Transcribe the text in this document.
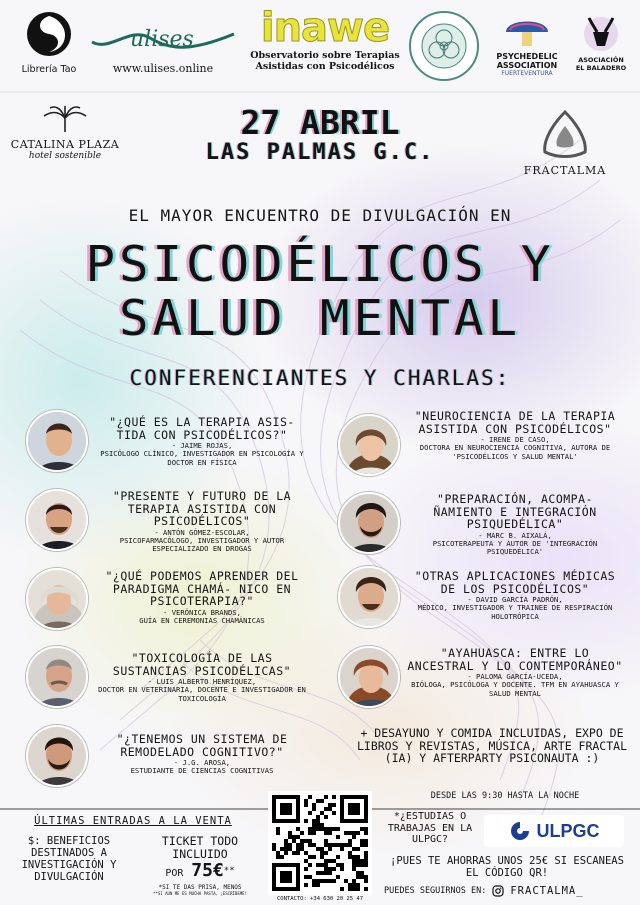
Librería Tao
ulises
www.ulises.online
inawe
Observatorio sobre Terapias
Asistidas con Psicodélicos
PSYCHEDELIC
ASSOCIATION
FUERTEVENTURA
ASOCIACIÓN
EL BALADERO
CATALINA PLAZA
hotel sostenible
FRACTALMA
27 ABRIL
LAS PALMAS G.C.
EL MAYOR ENCUENTRO DE DIVULGACIÓN EN
PSICODÉLICOS Y
SALUD MENTAL
CONFERENCIANTES Y CHARLAS:
"¿QUÉ ES LA TERAPIA ASIS- TIDA CON PSICODÉLICOS?"
- JAIME ROJAS,
PSICÓLOGO CLÍNICO, INVESTIGADOR EN PSICOLOGÍA Y DOCTOR EN FÍSICA
"PRESENTE Y FUTURO DE LA TERAPIA ASISTIDA CON PSICODÉLICOS"
- ANTÓN GÓMEZ-ESCOLAR,
PSICOFARMACÓLOGO, INVESTIGADOR Y AUTOR ESPECIALIZADO EN DROGAS
"¿QUÉ PODEMOS APRENDER DEL PARADIGMA CHAMÁ- NICO EN PSICOTERAPIA?"
- VERÓNICA BRANDS,
GUÍA EN CEREMONIAS CHAMÁNICAS
"TOXICOLOGÍA DE LAS SUSTANCIAS PSICODÉLICAS"
- LUIS ALBERTO HENRÍQUEZ,
DOCTOR EN VETERINARIA, DOCENTE E INVESTIGADOR EN TOXICOLOGÍA
"¿TENEMOS UN SISTEMA DE REMODELADO COGNITIVO?"
- J.G. AROSA,
ESTUDIANTE DE CIENCIAS COGNITIVAS
"NEUROCIENCIA DE LA TERAPIA ASISTIDA CON PSICODÉLICOS"
- IRENE DE CASO,
DOCTORA EN NEUROCIENCIA COGNITIVA, AUTORA DE 'PSICODÉLICOS Y SALUD MENTAL'
"PREPARACIÓN, ACOMPA- ÑAMIENTO E INTEGRACIÓN PSIQUEDÉLICA"
- MARC B. AIXALÁ,
PSICOTERAPEUTA Y AUTOR DE 'INTEGRACIÓN PSIQUEDÉLICA'
"OTRAS APLICACIONES MÉDICAS DE LOS PSICODÉLICOS"
- DAVID GARCÍA PADRÓN,
MÉDICO, INVESTIGADOR Y TRAINEE DE RESPIRACIÓN HOLOTRÓPICA
"AYAHUASCA: ENTRE LO ANCESTRAL Y LO CONTEMPORÁNEO"
- PALOMA GARCÍA-UCEDA,
BIÓLOGA, PSICÓLOGA Y DOCENTE. TFM EN AYAHUASCA Y SALUD MENTAL
+ DESAYUNO Y COMIDA INCLUIDAS, EXPO DE LIBROS Y REVISTAS, MÚSICA, ARTE FRACTAL (IA) Y AFTERPARTY PSICONAUTA :)
DESDE LAS 9:30 HASTA LA NOCHE
ÚLTIMAS ENTRADAS A LA VENTA
$: BENEFICIOS DESTINADOS A INVESTIGACIÓN Y DIVULGACIÓN
TICKET TODO INCLUIDO
POR 75€**
*SI TE DAS PRISA, MENOS
**SI AUN ME ES MUCHA PASTA, ¡ESCRÍBEME!
CONTACTO: +34 630 20 25 47
*¿ESTUDIAS O TRABAJAS EN LA ULPGC?	ULPGC
¡PUES TE AHORRAS UNOS 25€ SI ESCANEAS EL CÓDIGO QR!
PUEDES SEGUIRNOS EN: FRACTALMA_
